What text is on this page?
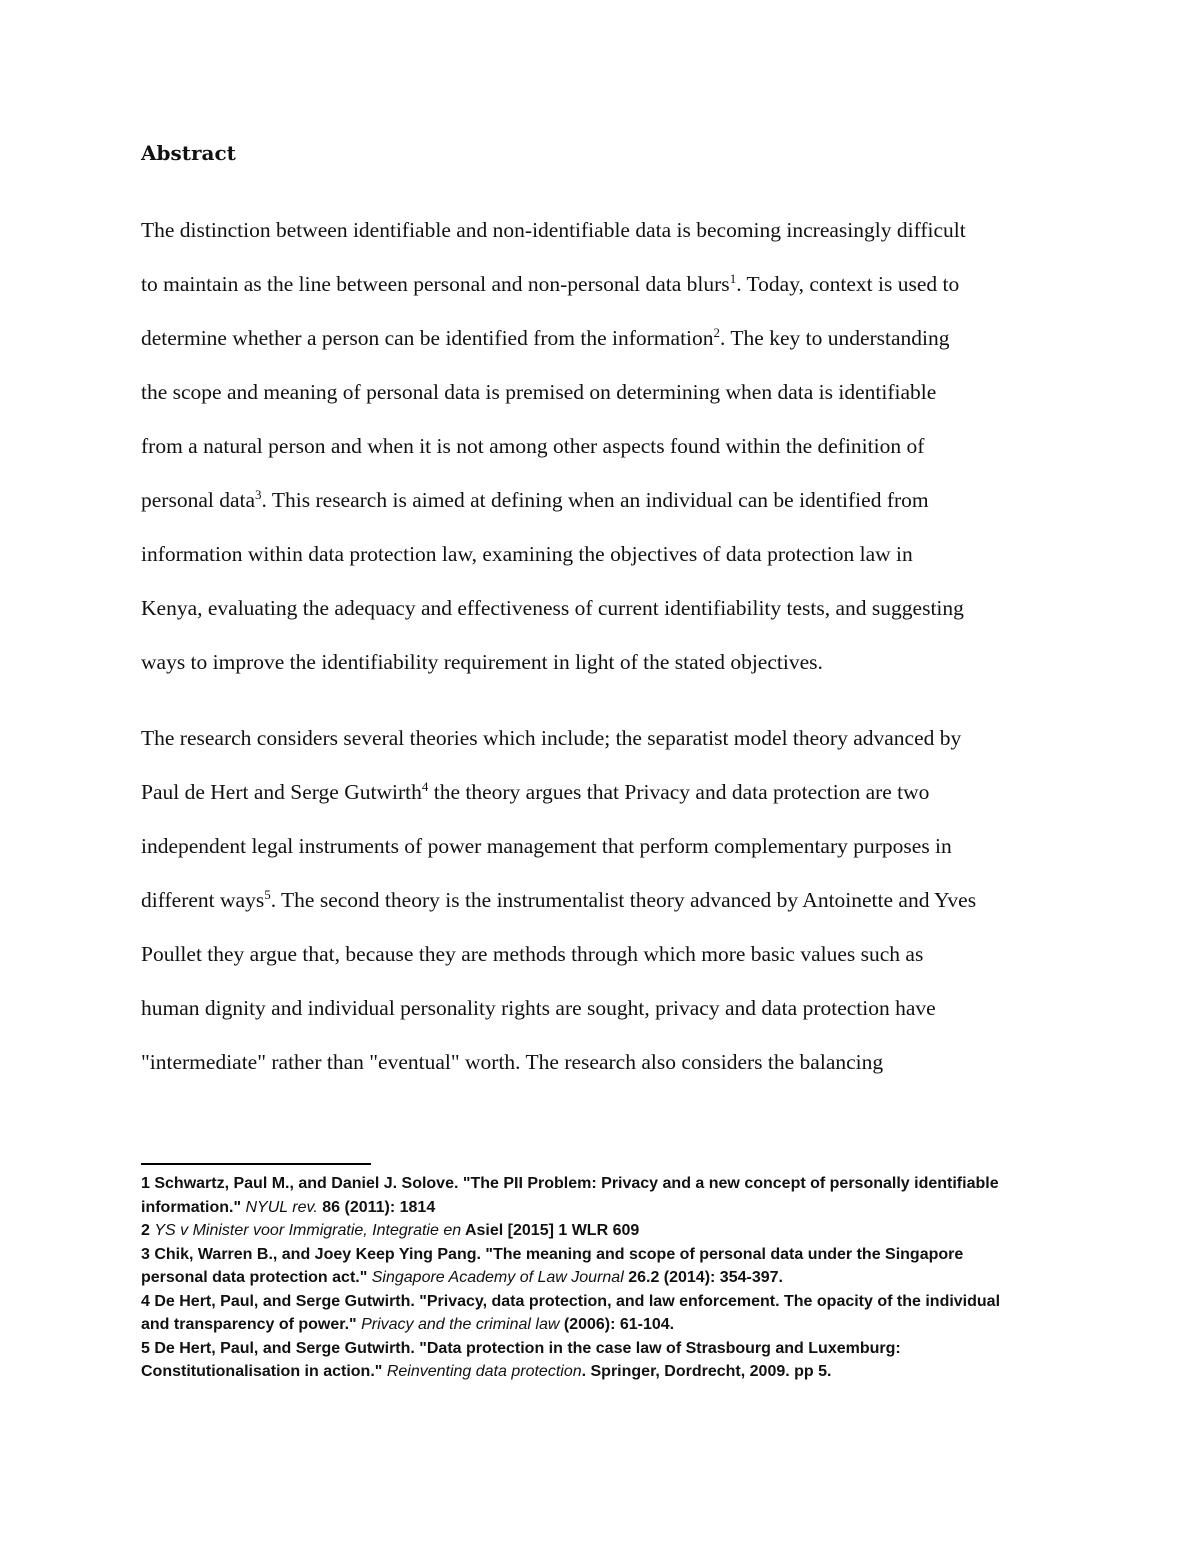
Abstract
The distinction between identifiable and non-identifiable data is becoming increasingly difficult
to maintain as the line between personal and non-personal data blurs$^1$. Today, context is used to
determine whether a person can be identified from the information$^2$. The key to understanding
the scope and meaning of personal data is premised on determining when data is identifiable
from a natural person and when it is not among other aspects found within the definition of
personal data$^3$. This research is aimed at defining when an individual can be identified from
information within data protection law, examining the objectives of data protection law in
Kenya, evaluating the adequacy and effectiveness of current identifiability tests, and suggesting
ways to improve the identifiability requirement in light of the stated objectives.
The research considers several theories which include; the separatist model theory advanced by
Paul de Hert and Serge Gutwirth$^4$ the theory argues that Privacy and data protection are two
independent legal instruments of power management that perform complementary purposes in
different ways$^5$. The second theory is the instrumentalist theory advanced by Antoinette and Yves
Poullet they argue that, because they are methods through which more basic values such as
human dignity and individual personality rights are sought, privacy and data protection have
"intermediate" rather than "eventual" worth. The research also considers the balancing
1 Schwartz, Paul M., and Daniel J. Solove. "The PII Problem: Privacy and a new concept of personally identifiable
information." NYUL rev. 86 (2011): 1814
2 YS v Minister voor Immigratie, Integratie en Asiel [2015] 1 WLR 609
3 Chik, Warren B., and Joey Keep Ying Pang. "The meaning and scope of personal data under the Singapore
personal data protection act." Singapore Academy of Law Journal 26.2 (2014): 354-397.
4 De Hert, Paul, and Serge Gutwirth. "Privacy, data protection, and law enforcement. The opacity of the individual
and transparency of power." Privacy and the criminal law (2006): 61-104.
5 De Hert, Paul, and Serge Gutwirth. "Data protection in the case law of Strasbourg and Luxemburg:
Constitutionalisation in action." Reinventing data protection. Springer, Dordrecht, 2009. pp 5.
